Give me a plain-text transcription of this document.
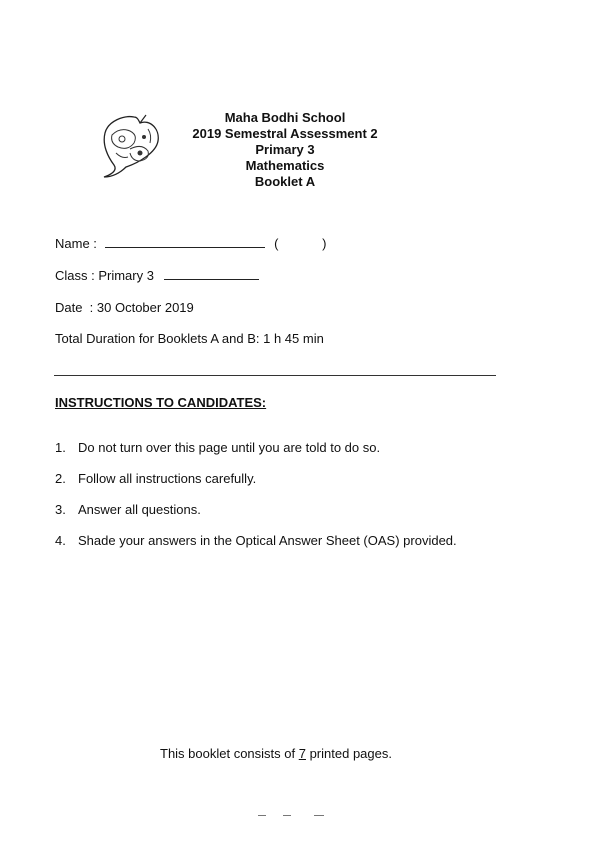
Maha Bodhi School
2019 Semestral Assessment 2
Primary 3
Mathematics
Booklet A
Name :	(	)
Class : Primary 3
Date  : 30 October 2019
Total Duration for Booklets A and B: 1 h 45 min
INSTRUCTIONS TO CANDIDATES:
1. Do not turn over this page until you are told to do so.
2. Follow all instructions carefully.
3. Answer all questions.
4. Shade your answers in the Optical Answer Sheet (OAS) provided.
This booklet consists of 7 printed pages.
